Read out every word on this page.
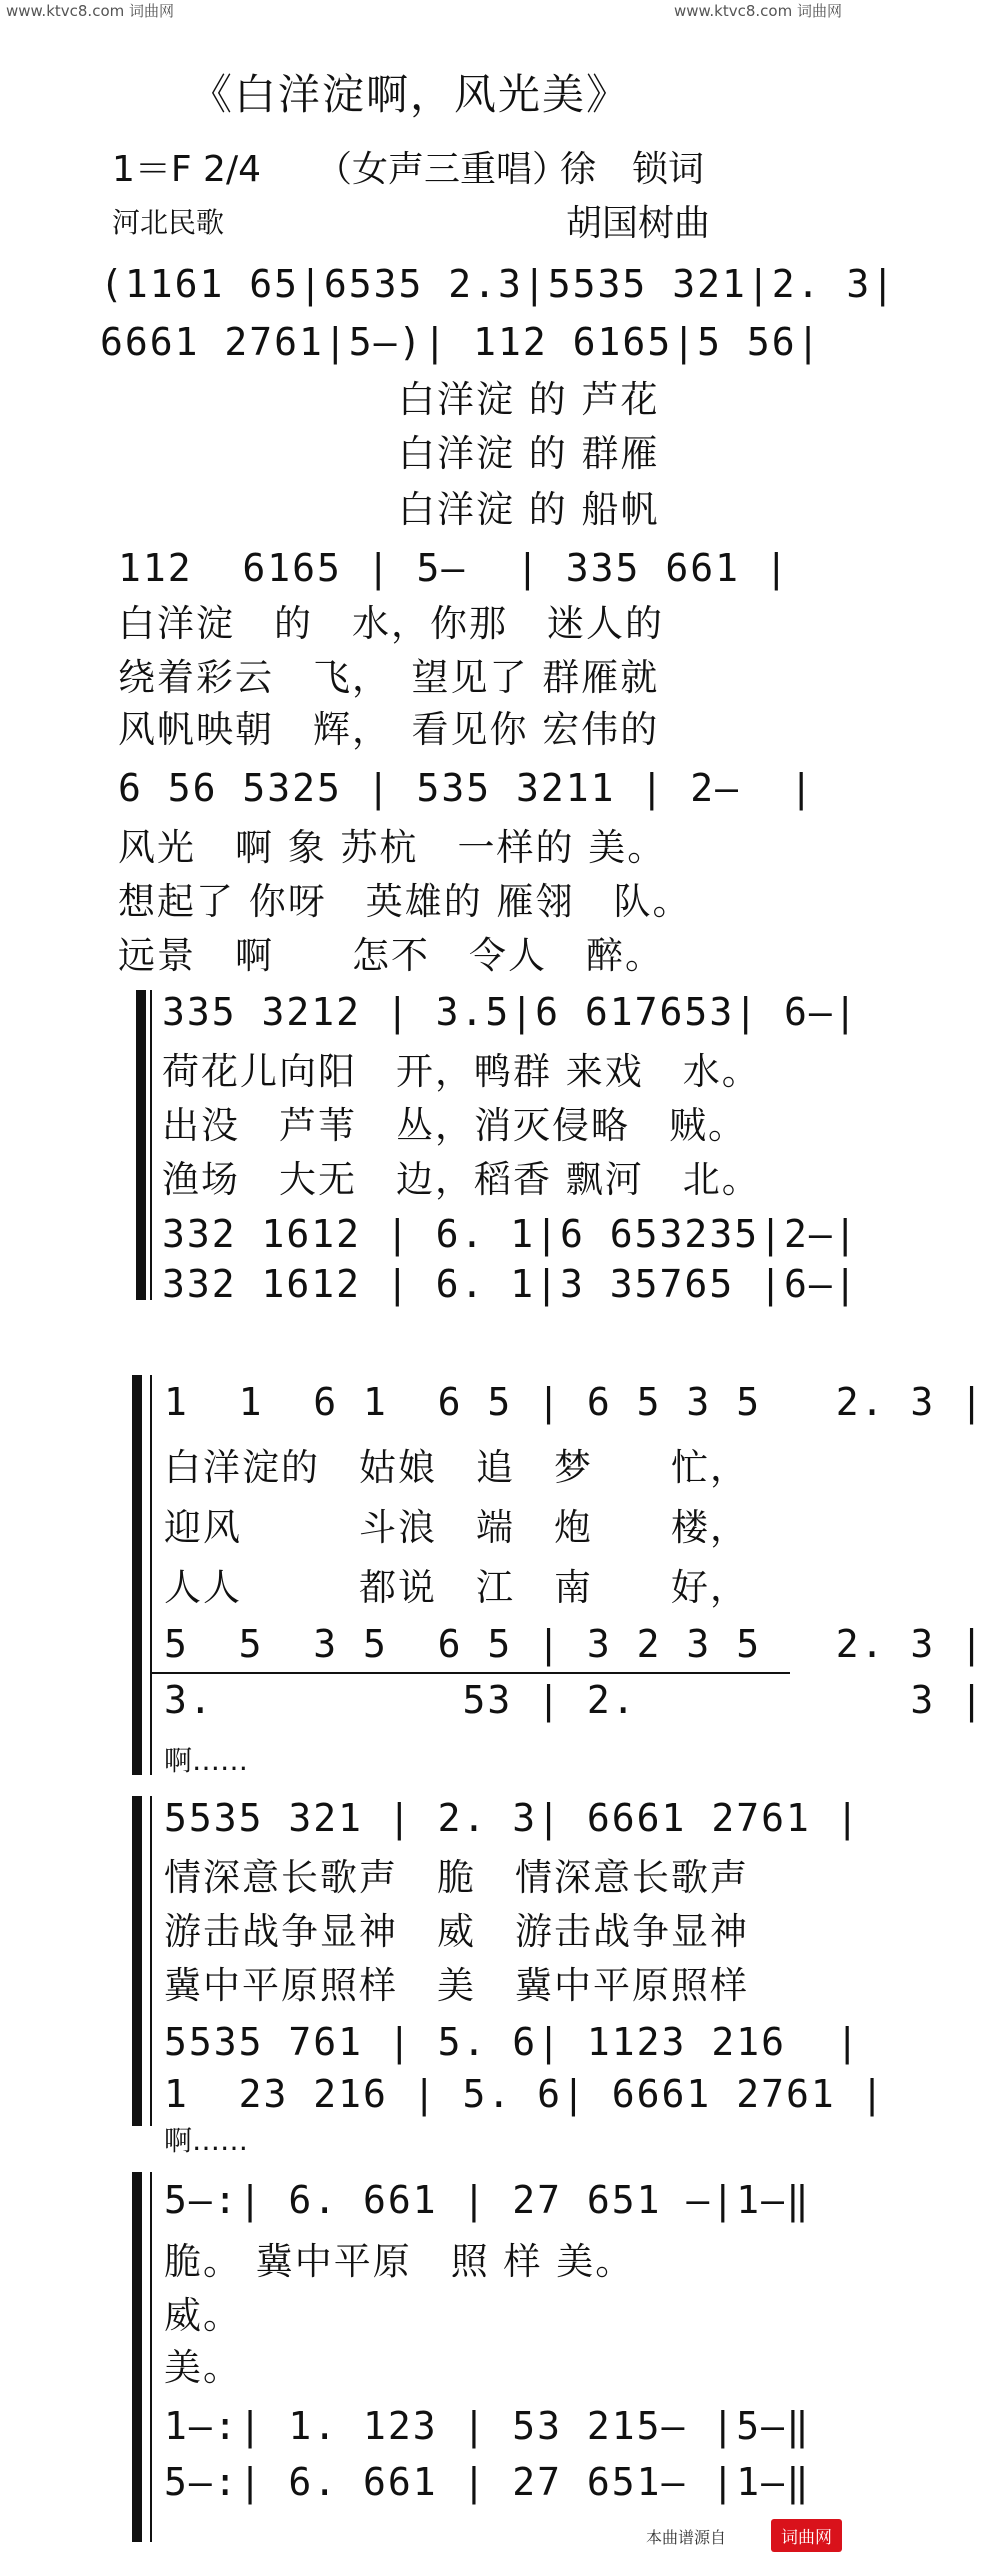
www.ktvc8.com 词曲网	www.ktvc8.com 词曲网
《白洋淀啊，风光美》
1＝F 2/4 （女声三重唱）
徐　锁词
河北民歌	胡国树曲
(1161 65|6535 2.3|5535 321|2. 3|
6661 2761|5—)| 112 6165|5 56|
白洋淀 的 芦花
白洋淀 的 群雁
白洋淀 的 船帆
112  6165 | 5—  | 335 661 |
白洋淀　的　水，你那　迷人的
绕着彩云　飞，　望见了 群雁就
风帆映朝　辉，　看见你 宏伟的
6 56 5325 | 535 3211 | 2—  |
风光　啊 象 苏杭　一样的 美。
想起了 你呀　英雄的 雁翎　队。
远景　啊　　怎不　令人　醉。
335 3212 | 3.5|6 617653| 6—|
荷花儿向阳　开，鸭群 来戏　水。
出没　芦苇　丛，消灭侵略　贼。
渔场　大无　边，稻香 飘河　北。
332 1612 | 6. 1|6 653235|2—|
332 1612 | 6. 1|3 35765 |6—|
1  1  6 1  6 5 | 6 5 3 5   2. 3 |
白洋淀的　姑娘　追　梦　　忙，
迎风　　　斗浪　端　炮　　楼，
人人　　　都说　江　南　　好，
5  5  3 5  6 5 | 3 2 3 5   2. 3 |
3.          53 | 2.           3 |
啊……
5535 321 | 2. 3| 6661 2761 |
情深意长歌声　脆　情深意长歌声
游击战争显神　威　游击战争显神
冀中平原照样　美　冀中平原照样
5535 761 | 5. 6| 1123 216  |
1  23 216 | 5. 6| 6661 2761 |
啊……
5—:| 6. 661 | 27 651 —|1—‖
脆。 冀中平原　照 样 美。
威。
美。
1—:| 1. 123 | 53 215— |5—‖
5—:| 6. 661 | 27 651— |1—‖
本曲谱源自	词曲网
